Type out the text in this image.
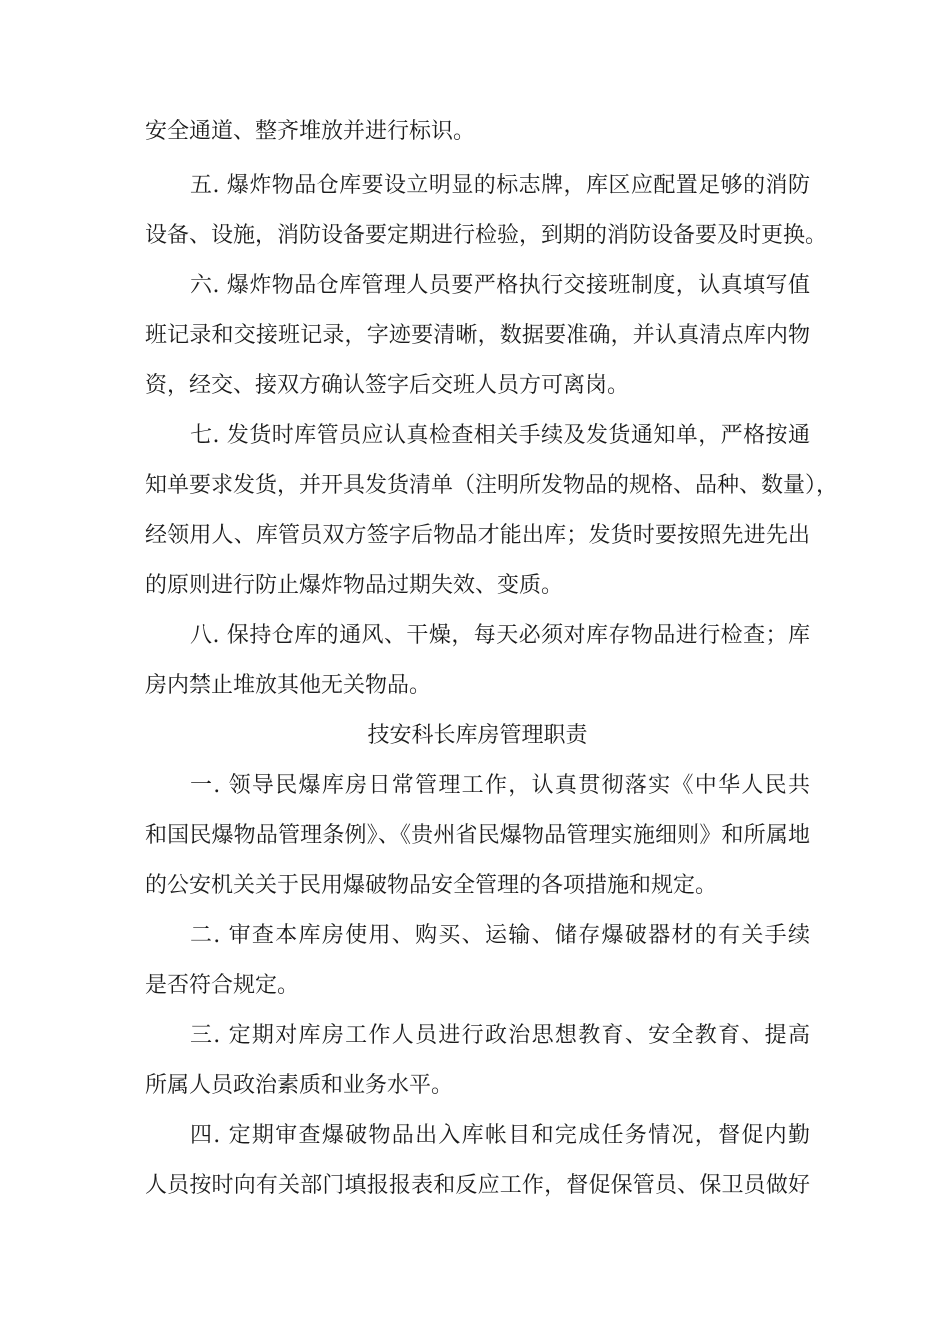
安全通道、整齐堆放并进行标识。
五. 爆炸物品仓库要设立明显的标志牌，库区应配置足够的消防
设备、设施，消防设备要定期进行检验，到期的消防设备要及时更换。
六. 爆炸物品仓库管理人员要严格执行交接班制度，认真填写值
班记录和交接班记录，字迹要清晰，数据要准确，并认真清点库内物
资，经交、接双方确认签字后交班人员方可离岗。
七. 发货时库管员应认真检查相关手续及发货通知单，严格按通
知单要求发货，并开具发货清单（注明所发物品的规格、品种、数量），
经领用人、库管员双方签字后物品才能出库；发货时要按照先进先出
的原则进行防止爆炸物品过期失效、变质。
八. 保持仓库的通风、干燥，每天必须对库存物品进行检查；库
房内禁止堆放其他无关物品。
技安科长库房管理职责
一. 领导民爆库房日常管理工作，认真贯彻落实《中华人民共
和国民爆物品管理条例》、《贵州省民爆物品管理实施细则》和所属地
的公安机关关于民用爆破物品安全管理的各项措施和规定。
二. 审查本库房使用、购买、运输、储存爆破器材的有关手续
是否符合规定。
三. 定期对库房工作人员进行政治思想教育、安全教育、提高
所属人员政治素质和业务水平。
四. 定期审查爆破物品出入库帐目和完成任务情况，督促内勤
人员按时向有关部门填报报表和反应工作，督促保管员、保卫员做好
